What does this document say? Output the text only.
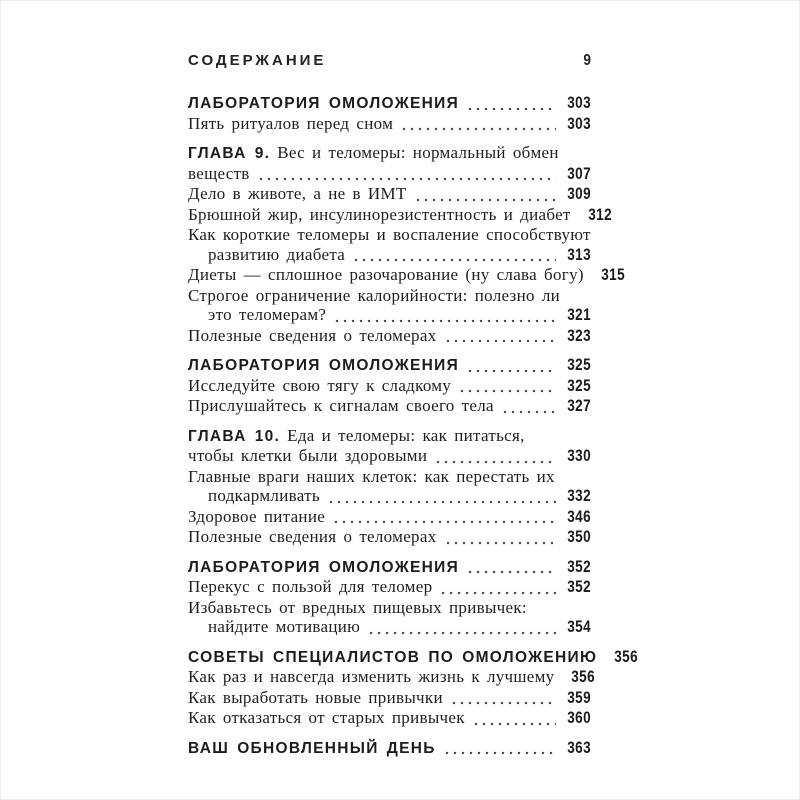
СОДЕРЖАНИЕ	9
ЛАБОРАТОРИЯ ОМОЛОЖЕНИЯ	303
Пять ритуалов перед сном	303
ГЛАВА 9. Вес и теломеры: нормальный обмен
веществ	307
Дело в животе, а не в ИМТ	309
Брюшной жир, инсулинорезистентность и диабет	312
Как короткие теломеры и воспаление способствуют
развитию диабета	313
Диеты — сплошное разочарование (ну слава богу)	315
Строгое ограничение калорийности: полезно ли
это теломерам?	321
Полезные сведения о теломерах	323
ЛАБОРАТОРИЯ ОМОЛОЖЕНИЯ	325
Исследуйте свою тягу к сладкому	325
Прислушайтесь к сигналам своего тела	327
ГЛАВА 10. Еда и теломеры: как питаться,
чтобы клетки были здоровыми	330
Главные враги наших клеток: как перестать их
подкармливать	332
Здоровое питание	346
Полезные сведения о теломерах	350
ЛАБОРАТОРИЯ ОМОЛОЖЕНИЯ	352
Перекус с пользой для теломер	352
Избавьтесь от вредных пищевых привычек:
найдите мотивацию	354
СОВЕТЫ СПЕЦИАЛИСТОВ ПО ОМОЛОЖЕНИЮ	356
Как раз и навсегда изменить жизнь к лучшему	356
Как выработать новые привычки	359
Как отказаться от старых привычек	360
ВАШ ОБНОВЛЕННЫЙ ДЕНЬ	363
